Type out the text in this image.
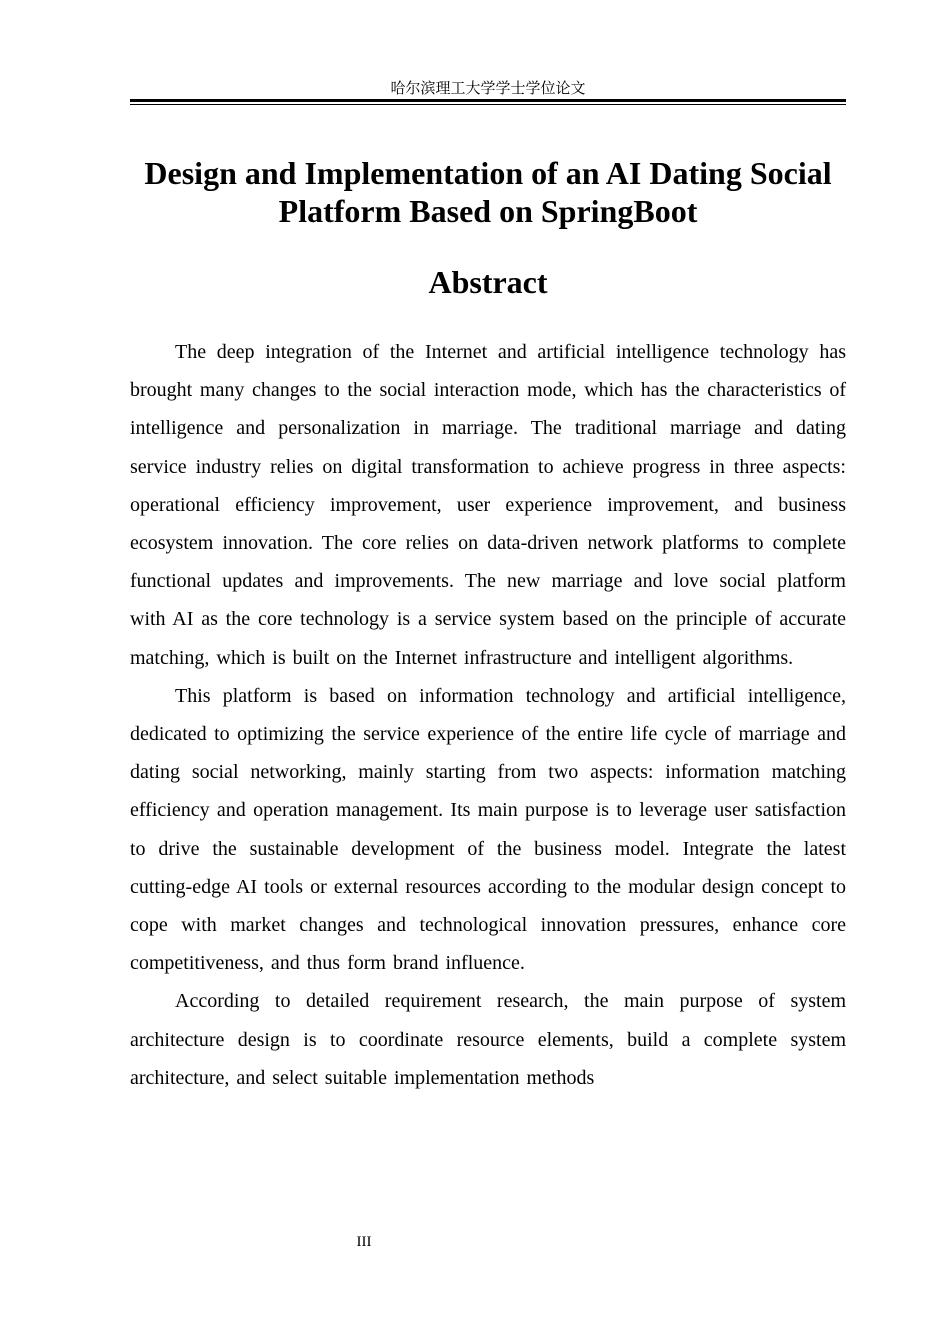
哈尔滨理工大学学士学位论文
Design and Implementation of an AI Dating Social
Platform Based on SpringBoot
Abstract

The deep integration of the Internet and artificial intelligence technology has brought many changes to the social interaction mode, which has the characteristics of intelligence and personalization in marriage. The traditional marriage and dating service industry relies on digital transformation to achieve progress in three aspects: operational efficiency improvement, user experience improvement, and business ecosystem innovation. The core relies on data-driven network platforms to complete functional updates and improvements. The new marriage and love social platform with AI as the core technology is a service system based on the principle of accurate matching, which is built on the Internet infrastructure and intelligent algorithms.

This platform is based on information technology and artificial intelligence, dedicated to optimizing the service experience of the entire life cycle of marriage and dating social networking, mainly starting from two aspects: information matching efficiency and operation management. Its main purpose is to leverage user satisfaction to drive the sustainable development of the business model. Integrate the latest cutting-edge AI tools or external resources according to the modular design concept to cope with market changes and technological innovation pressures, enhance core competitiveness, and thus form brand influence.

According to detailed requirement research, the main purpose of system architecture design is to coordinate resource elements, build a complete system architecture, and select suitable implementation methods

III
